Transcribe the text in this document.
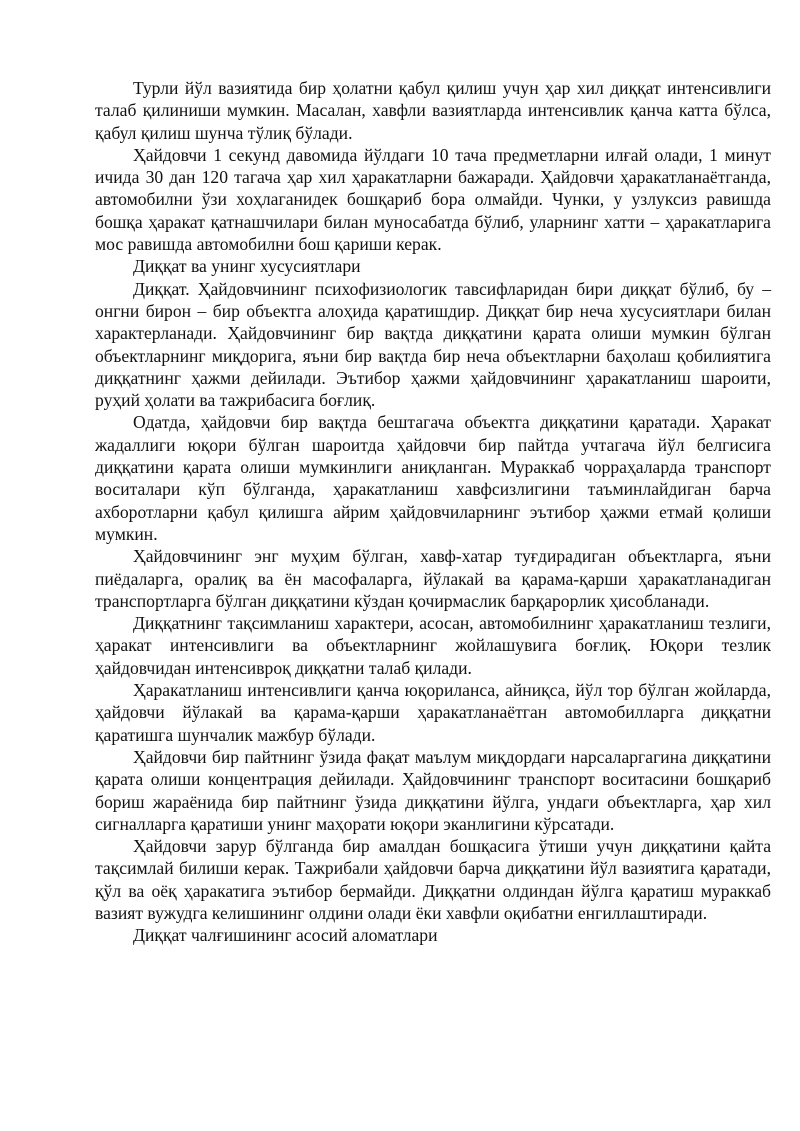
Турли йўл вазиятида бир ҳолатни қабул қилиш учун ҳар хил диққат интенсивлиги талаб қилиниши мумкин. Масалан, хавфли вазиятларда интенсивлик қанча катта бўлса, қабул қилиш шунча тўлиқ бўлади.

Ҳайдовчи 1 секунд давомида йўлдаги 10 тача предметларни илғай олади, 1 минут ичида 30 дан 120 тагача ҳар хил ҳаракатларни бажаради. Ҳайдовчи ҳаракатланаётганда, автомобилни ўзи хоҳлаганидек бошқариб бора олмайди. Чунки, у узлуксиз равишда бошқа ҳаракат қатнашчилари билан муносабатда бўлиб, уларнинг хатти – ҳаракатларига мос равишда автомобилни бош қариши керак.

Диққат ва унинг хусусиятлари

Диққат. Ҳайдовчининг психофизиологик тавсифларидан бири диққат бўлиб, бу – онгни бирон – бир объектга алоҳида қаратишдир. Диққат бир неча хусусиятлари билан характерланади. Ҳайдовчининг бир вақтда диққатини қарата олиши мумкин бўлган объектларнинг миқдорига, яъни бир вақтда бир неча объектларни баҳолаш қобилиятига диққатнинг ҳажми дейилади. Эътибор ҳажми ҳайдовчининг ҳаракатланиш шароити, руҳий ҳолати ва тажрибасига боғлиқ.

Одатда, ҳайдовчи бир вақтда бештагача объектга диққатини қаратади. Ҳаракат жадаллиги юқори бўлган шароитда ҳайдовчи бир пайтда учтагача йўл белгисига диққатини қарата олиши мумкинлиги аниқланган. Мураккаб чорраҳаларда транспорт воситалари кўп бўлганда, ҳаракатланиш хавфсизлигини таъминлайдиган барча ахборотларни қабул қилишга айрим ҳайдовчиларнинг эътибор ҳажми етмай қолиши мумкин.

Ҳайдовчининг энг муҳим бўлган, хавф-хатар туғдирадиган объектларга, яъни пиёдаларга, оралиқ ва ён масофаларга, йўлакай ва қарама-қарши ҳаракатланадиган транспортларга бўлган диққатини кўздан қочирмаслик барқарорлик ҳисобланади.

Диққатнинг тақсимланиш характери, асосан, автомобилнинг ҳаракатланиш тезлиги, ҳаракат интенсивлиги ва объектларнинг жойлашувига боғлиқ. Юқори тезлик ҳайдовчидан интенсивроқ диққатни талаб қилади.

Ҳаракатланиш интенсивлиги қанча юқориланса, айниқса, йўл тор бўлган жойларда, ҳайдовчи йўлакай ва қарама-қарши ҳаракатланаётган автомобилларга диққатни қаратишга шунчалик мажбур бўлади.

Ҳайдовчи бир пайтнинг ўзида фақат маълум миқдордаги нарсаларгагина диққатини қарата олиши концентрация дейилади. Ҳайдовчининг транспорт воситасини бошқариб бориш жараёнида бир пайтнинг ўзида диққатини йўлга, ундаги объектларга, ҳар хил сигналларга қаратиши унинг маҳорати юқори эканлигини кўрсатади.

Ҳайдовчи зарур бўлганда бир амалдан бошқасига ўтиши учун диққатини қайта тақсимлай билиши керак. Тажрибали ҳайдовчи барча диққатини йўл вазиятига қаратади, қўл ва оёқ ҳаракатига эътибор бермайди. Диққатни олдиндан йўлга қаратиш мураккаб вазият вужудга келишининг олдини олади ёки хавфли оқибатни енгиллаштиради.

Диққат чалғишининг асосий аломатлари
